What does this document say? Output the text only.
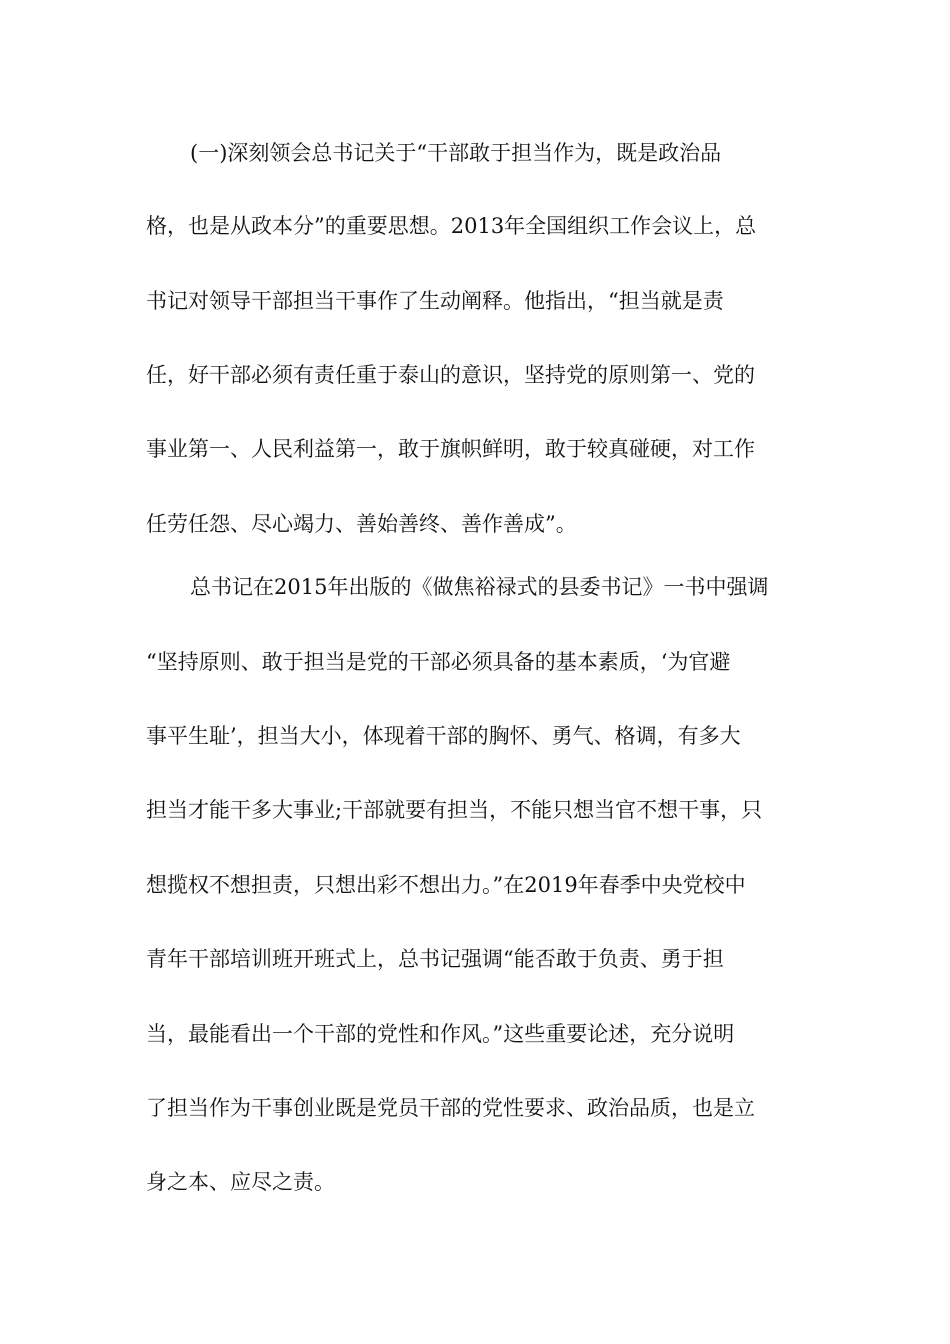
(一)深刻领会总书记关于“干部敢于担当作为，既是政治品
格，也是从政本分”的重要思想。2013年全国组织工作会议上，总
书记对领导干部担当干事作了生动阐释。他指出，“担当就是责
任，好干部必须有责任重于泰山的意识，坚持党的原则第一、党的
事业第一、人民利益第一，敢于旗帜鲜明，敢于较真碰硬，对工作
任劳任怨、尽心竭力、善始善终、善作善成”。
总书记在2015年出版的《做焦裕禄式的县委书记》一书中强调
“坚持原则、敢于担当是党的干部必须具备的基本素质，‘为官避
事平生耻’，担当大小，体现着干部的胸怀、勇气、格调，有多大
担当才能干多大事业;干部就要有担当，不能只想当官不想干事，只
想揽权不想担责，只想出彩不想出力。”在2019年春季中央党校中
青年干部培训班开班式上，总书记强调“能否敢于负责、勇于担
当，最能看出一个干部的党性和作风。”这些重要论述，充分说明
了担当作为干事创业既是党员干部的党性要求、政治品质，也是立
身之本、应尽之责。
